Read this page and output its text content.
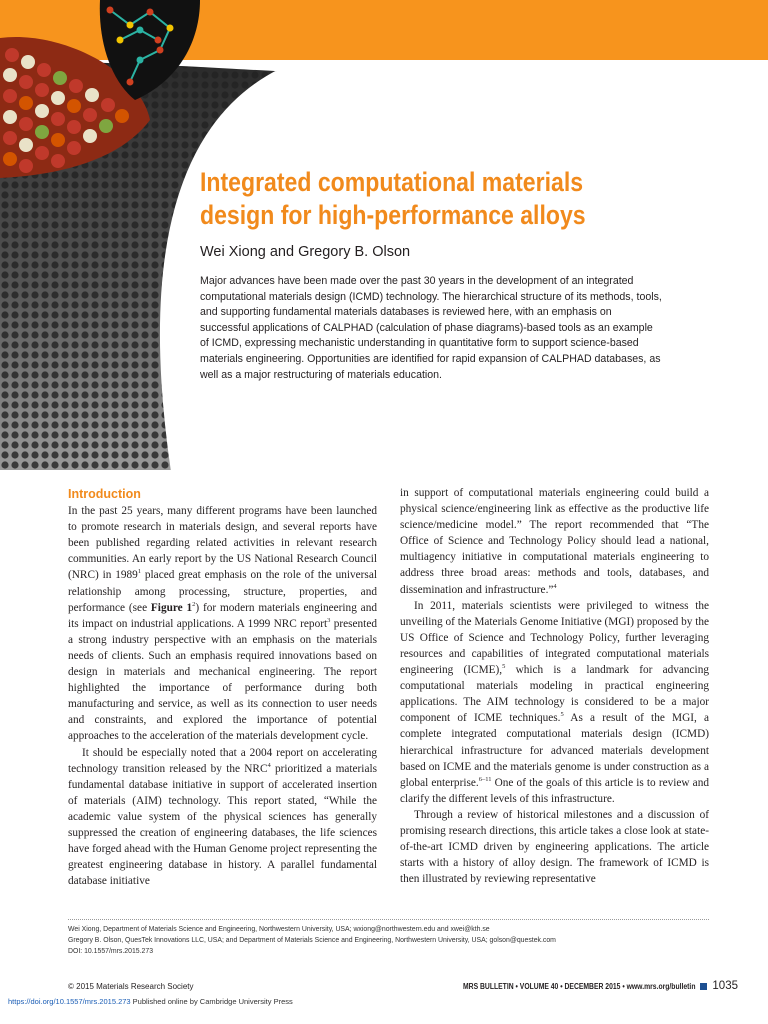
Integrated computational materials
design for high-performance alloys

Wei Xiong and Gregory B. Olson

Major advances have been made over the past 30 years in the development of an integrated computational materials design (ICMD) technology. The hierarchical structure of its methods, tools, and supporting fundamental materials databases is reviewed here, with an emphasis on successful applications of CALPHAD (calculation of phase diagrams)-based tools as an example of ICMD, expressing mechanistic understanding in quantitative form to support science-based materials engineering. Opportunities are identified for rapid expansion of CALPHAD databases, as well as a major restructuring of materials education.

Introduction

In the past 25 years, many different programs have been launched to promote research in materials design, and several reports have been published regarding related activities in relevant research communities. An early report by the US National Research Council (NRC) in 1989$^1$ placed great emphasis on the role of the universal relationship among processing, structure, properties, and performance (see Figure $1^2$) for modern materials engineering and its impact on industrial applications. A 1999 NRC report$^3$ presented a strong industry perspective with an emphasis on the materials needs of clients. Such an emphasis required innovations based on design in materials and mechanical engineering. The report highlighted the importance of performance during both manufacturing and service, as well as its connection to user needs and constraints, and explored the importance of potential approaches to the acceleration of the materials development cycle.

It should be especially noted that a 2004 report on accelerating technology transition released by the NRC$^4$ prioritized a materials fundamental database initiative in support of accelerated insertion of materials (AIM) technology. This report stated, “While the academic value system of the physical sciences has generally suppressed the creation of engineering databases, the life sciences have forged ahead with the Human Genome project representing the greatest engineering database in history. A parallel fundamental database initiative

in support of computational materials engineering could build a physical science/engineering link as effective as the productive life science/medicine model.” The report recommended that “The Office of Science and Technology Policy should lead a national, multiagency initiative in computational materials engineering to address three broad areas: methods and tools, databases, and dissemination and infrastructure.”$^4$

In 2011, materials scientists were privileged to witness the unveiling of the Materials Genome Initiative (MGI) proposed by the US Office of Science and Technology Policy, further leveraging resources and capabilities of integrated computational materials engineering (ICME),$^5$ which is a landmark for advancing computational materials modeling in practical engineering applications. The AIM technology is considered to be a major component of ICME techniques.$^5$ As a result of the MGI, a complete integrated computational materials design (ICMD) hierarchical infrastructure for advanced materials development based on ICME and the materials genome is under construction as a global enterprise.$^{6-11}$ One of the goals of this article is to review and clarify the different levels of this infrastructure.

Through a review of historical milestones and a discussion of promising research directions, this article takes a close look at state-of-the-art ICMD driven by engineering applications. The article starts with a history of alloy design. The framework of ICMD is then illustrated by reviewing representative

Wei Xiong, Department of Materials Science and Engineering, Northwestern University, USA; wxiong@northwestern.edu and xwei@kth.se
Gregory B. Olson, QuesTek Innovations LLC, USA; and Department of Materials Science and Engineering, Northwestern University, USA; golson@questek.com
DOI: 10.1557/mrs.2015.273
© 2015 Materials Research Society	MRS BULLETIN • VOLUME 40 • DECEMBER 2015 • www.mrs.org/bulletin 1035
https://doi.org/10.1557/mrs.2015.273 Published online by Cambridge University Press
